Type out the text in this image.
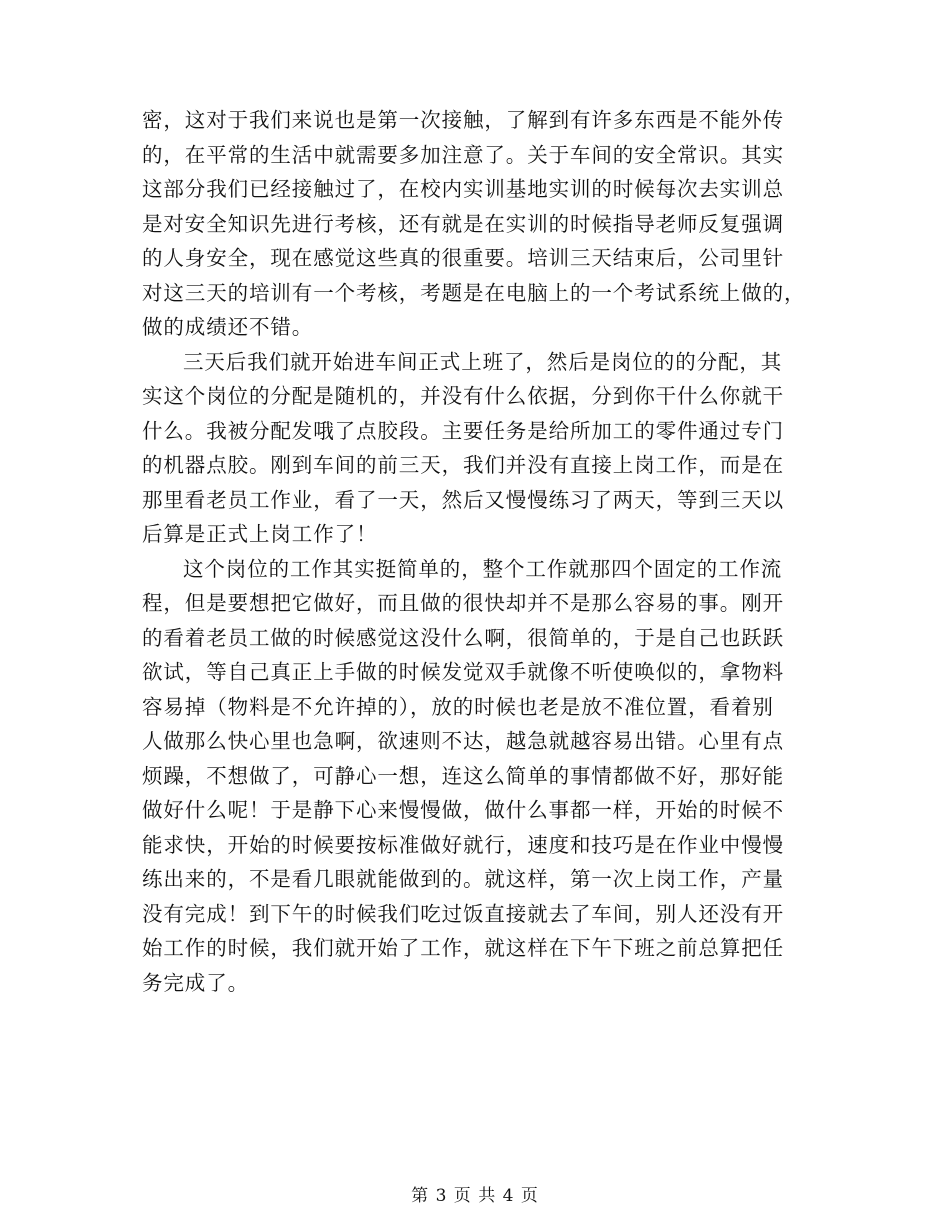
密，这对于我们来说也是第一次接触，了解到有许多东西是不能外传
的，在平常的生活中就需要多加注意了。关于车间的安全常识。其实
这部分我们已经接触过了，在校内实训基地实训的时候每次去实训总
是对安全知识先进行考核，还有就是在实训的时候指导老师反复强调
的人身安全，现在感觉这些真的很重要。培训三天结束后，公司里针
对这三天的培训有一个考核，考题是在电脑上的一个考试系统上做的，
做的成绩还不错。
三天后我们就开始进车间正式上班了，然后是岗位的的分配，其
实这个岗位的分配是随机的，并没有什么依据，分到你干什么你就干
什么。我被分配发哦了点胶段。主要任务是给所加工的零件通过专门
的机器点胶。刚到车间的前三天，我们并没有直接上岗工作，而是在
那里看老员工作业，看了一天，然后又慢慢练习了两天，等到三天以
后算是正式上岗工作了！
这个岗位的工作其实挺简单的，整个工作就那四个固定的工作流
程，但是要想把它做好，而且做的很快却并不是那么容易的事。刚开
的看着老员工做的时候感觉这没什么啊，很简单的，于是自己也跃跃
欲试，等自己真正上手做的时候发觉双手就像不听使唤似的，拿物料
容易掉（物料是不允许掉的），放的时候也老是放不准位置，看着别
人做那么快心里也急啊，欲速则不达，越急就越容易出错。心里有点
烦躁，不想做了，可静心一想，连这么简单的事情都做不好，那好能
做好什么呢！于是静下心来慢慢做，做什么事都一样，开始的时候不
能求快，开始的时候要按标准做好就行，速度和技巧是在作业中慢慢
练出来的，不是看几眼就能做到的。就这样，第一次上岗工作，产量
没有完成！到下午的时候我们吃过饭直接就去了车间，别人还没有开
始工作的时候，我们就开始了工作，就这样在下午下班之前总算把任
务完成了。
第 3 页 共 4 页
